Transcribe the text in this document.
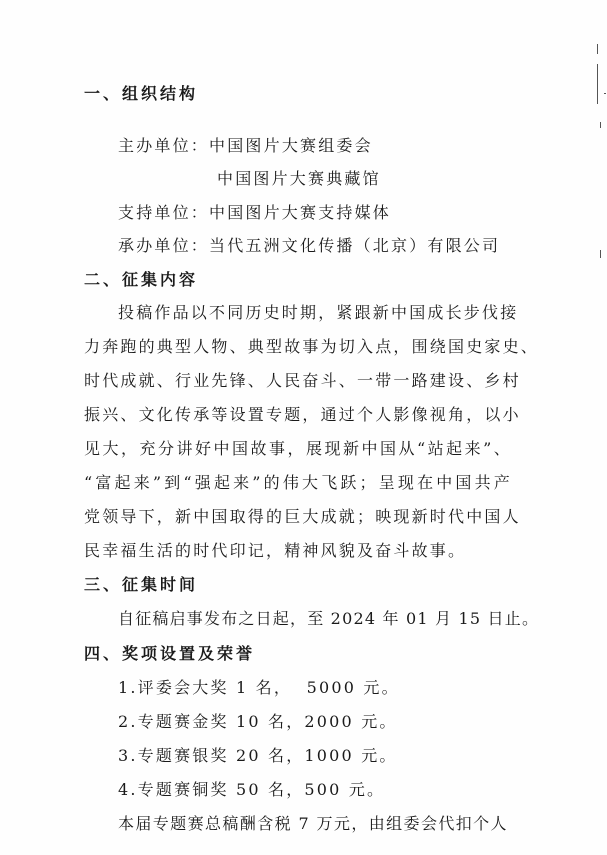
一、组织结构
主办单位：中国图片大赛组委会
中国图片大赛典藏馆
支持单位：中国图片大赛支持媒体
承办单位：当代五洲文化传播（北京）有限公司
二、征集内容
投稿作品以不同历史时期，紧跟新中国成长步伐接
力奔跑的典型人物、典型故事为切入点，围绕国史家史、
时代成就、行业先锋、人民奋斗、一带一路建设、乡村
振兴、文化传承等设置专题，通过个人影像视角，以小
见大，充分讲好中国故事，展现新中国从“站起来”、
“富起来”到“强起来”的伟大飞跃；呈现在中国共产
党领导下，新中国取得的巨大成就；映现新时代中国人
民幸福生活的时代印记，精神风貌及奋斗故事。
三、征集时间
自征稿启事发布之日起，至 2024 年 01 月 15 日止。
四、奖项设置及荣誉
1.评委会大奖 1 名，  5000 元。
2.专题赛金奖 10 名，2000 元。
3.专题赛银奖 20 名，1000 元。
4.专题赛铜奖 50 名，500 元。
本届专题赛总稿酬含税 7 万元，由组委会代扣个人
